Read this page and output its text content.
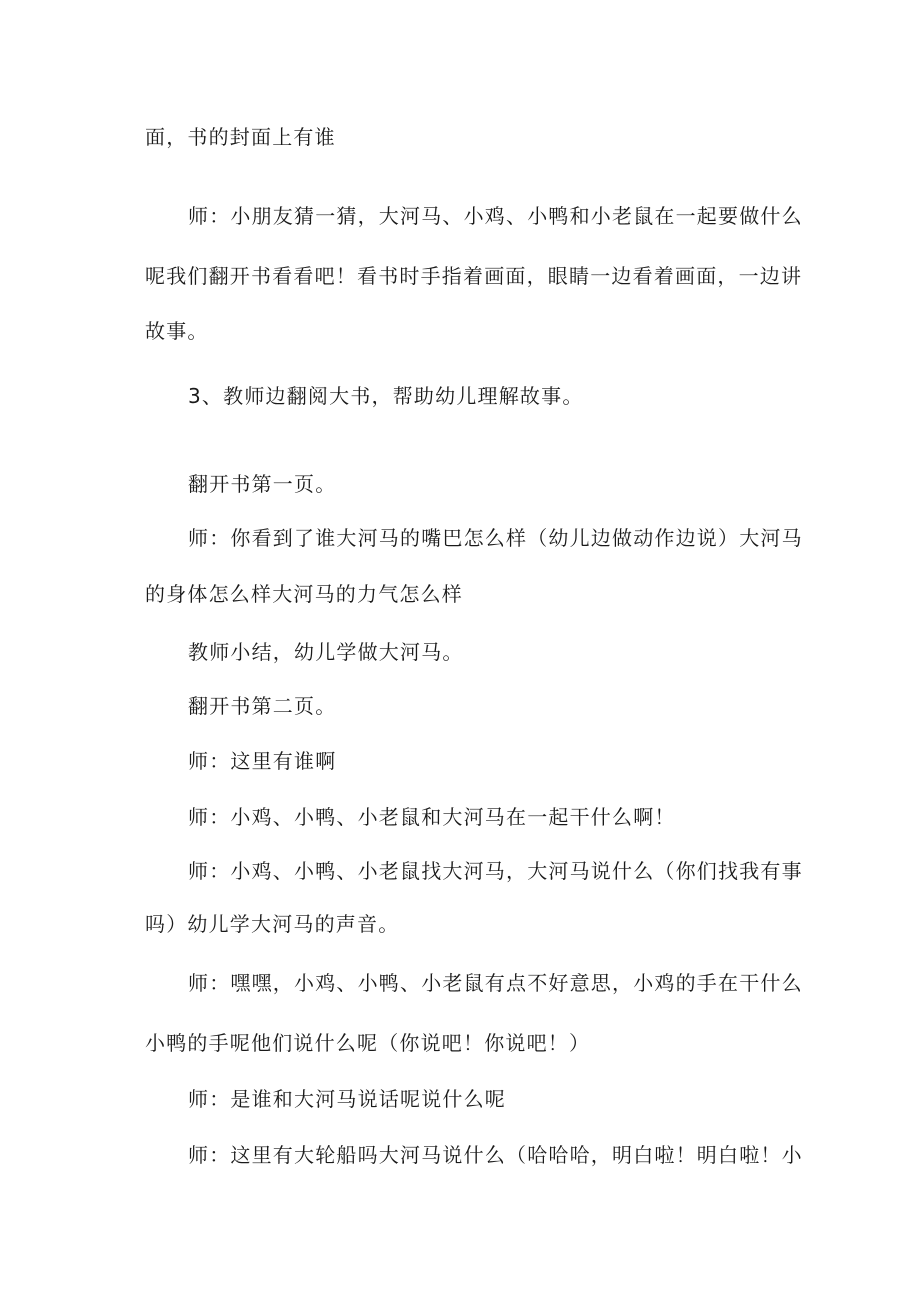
面，书的封面上有谁
师：小朋友猜一猜，大河马、小鸡、小鸭和小老鼠在一起要做什么
呢我们翻开书看看吧！看书时手指着画面，眼睛一边看着画面，一边讲
故事。
3、教师边翻阅大书，帮助幼儿理解故事。
翻开书第一页。
师：你看到了谁大河马的嘴巴怎么样（幼儿边做动作边说）大河马
的身体怎么样大河马的力气怎么样
教师小结，幼儿学做大河马。
翻开书第二页。
师：这里有谁啊
师：小鸡、小鸭、小老鼠和大河马在一起干什么啊！
师：小鸡、小鸭、小老鼠找大河马，大河马说什么（你们找我有事
吗）幼儿学大河马的声音。
师：嘿嘿，小鸡、小鸭、小老鼠有点不好意思，小鸡的手在干什么
小鸭的手呢他们说什么呢（你说吧！你说吧！）
师：是谁和大河马说话呢说什么呢
师：这里有大轮船吗大河马说什么（哈哈哈，明白啦！明白啦！小
